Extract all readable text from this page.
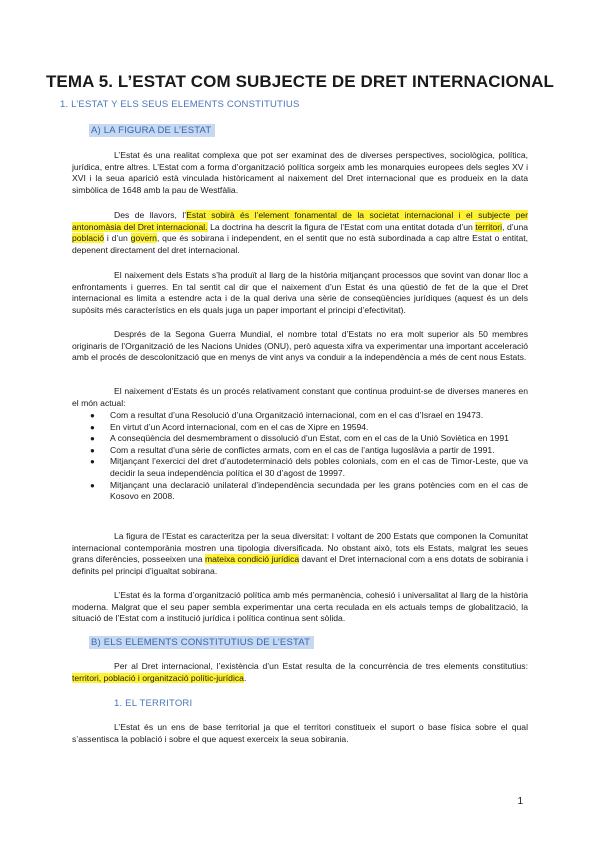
TEMA 5. L’ESTAT COM SUBJECTE DE DRET INTERNACIONAL
1. L’ESTAT Y ELS SEUS ELEMENTS CONSTITUTIUS
A) LA FIGURA DE L’ESTAT
L’Estat és una realitat complexa que pot ser examinat des de diverses perspectives, sociològica, política, jurídica, entre altres. L’Estat com a forma d’organització política sorgeix amb les monarquies europees dels segles XV i XVI i la seua aparició està vinculada històricament al naixement del Dret internacional que es produeix en la data simbòlica de 1648 amb la pau de Westfàlia.
Des de llavors, l’Estat sobirà és l’element fonamental de la societat internacional i el subjecte per antonomàsia del Dret internacional. La doctrina ha descrit la figura de l’Estat com una entitat dotada d’un territori, d’una població i d’un govern, que és sobirana i independent, en el sentit que no està subordinada a cap altre Estat o entitat, depenent directament del dret internacional.
El naixement dels Estats s’ha produït al llarg de la història mitjançant processos que sovint van donar lloc a enfrontaments i guerres. En tal sentit cal dir que el naixement d’un Estat és una qüestió de fet de la que el Dret internacional es limita a estendre acta i de la qual deriva una sèrie de conseqüències jurídiques (aquest és un dels supòsits més característics en els quals juga un paper important el principi d’efectivitat).
Després de la Segona Guerra Mundial, el nombre total d’Estats no era molt superior als 50 membres originaris de l’Organització de les Nacions Unides (ONU), però aquesta xifra va experimentar una important acceleració amb el procés de descolonització que en menys de vint anys va conduir a la independència a més de cent nous Estats.
El naixement d’Estats és un procés relativament constant que continua produint-se de diverses maneres en el món actual:
● Com a resultat d’una Resolució d’una Organització internacional, com en el cas d’Israel en 19473.
● En virtut d’un Acord internacional, com en el cas de Xipre en 19594.
● A conseqüència del desmembrament o dissolució d’un Estat, com en el cas de la Unió Soviètica en 1991
● Com a resultat d’una sèrie de conflictes armats, com en el cas de l’antiga Iugoslàvia a partir de 1991.
● Mitjançant l’exercici del dret d’autodeterminació dels pobles colonials, com en el cas de Timor-Leste, que va decidir la seua independència política el 30 d’agost de 19997.
● Mitjançant una declaració unilateral d’independència secundada per les grans potències com en el cas de Kosovo en 2008.
La figura de l’Estat es caracteritza per la seua diversitat: I voltant de 200 Estats que componen la Comunitat internacional contemporània mostren una tipologia diversificada. No obstant això, tots els Estats, malgrat les seues grans diferències, posseeixen una mateixa condició jurídica davant el Dret internacional com a ens dotats de sobirania i definits pel principi d’igualtat sobirana.
L’Estat és la forma d’organització política amb més permanència, cohesió i universalitat al llarg de la història moderna. Malgrat que el seu paper sembla experimentar una certa reculada en els actuals temps de globalització, la situació de l’Estat com a institució jurídica i política continua sent sòlida.
B) ELS ELEMENTS CONSTITUTIUS DE L’ESTAT
Per al Dret internacional, l’existència d’un Estat resulta de la concurrència de tres elements constitutius: territori, població i organització polític-jurídica.
1. EL TERRITORI
L’Estat és un ens de base territorial ja que el territori constitueix el suport o base física sobre el qual s’assentisca la població i sobre el que aquest exerceix la seua sobirania.
1
